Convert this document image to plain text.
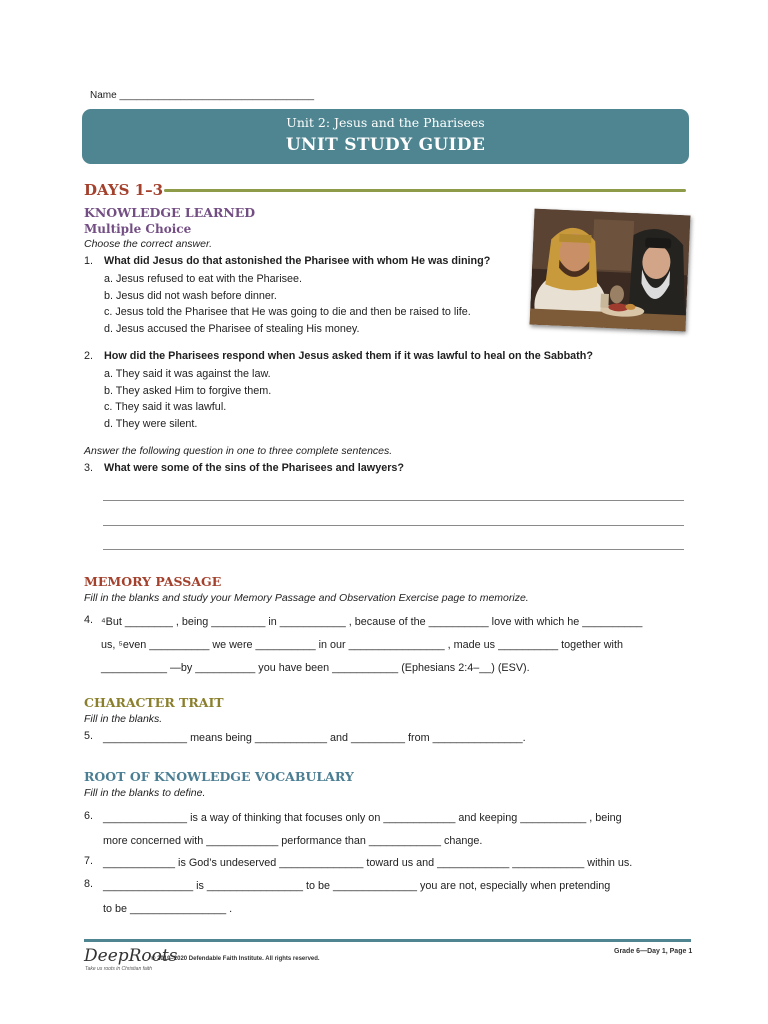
Name ___________________________________
Unit 2: Jesus and the Pharisees
UNIT STUDY GUIDE
DAYS 1–3
KNOWLEDGE LEARNED
Multiple Choice
Choose the correct answer.
1. What did Jesus do that astonished the Pharisee with whom He was dining?
a. Jesus refused to eat with the Pharisee.
b. Jesus did not wash before dinner.
c. Jesus told the Pharisee that He was going to die and then be raised to life.
d. Jesus accused the Pharisee of stealing His money.
2. How did the Pharisees respond when Jesus asked them if it was lawful to heal on the Sabbath?
a. They said it was against the law.
b. They asked Him to forgive them.
c. They said it was lawful.
d. They were silent.
Answer the following question in one to three complete sentences.
3. What were some of the sins of the Pharisees and lawyers?
MEMORY PASSAGE
Fill in the blanks and study your Memory Passage and Observation Exercise page to memorize.
4. ⁴But ________ , being _________ in ___________ , because of the __________ love with which he __________
us, ⁵even __________ we were __________ in our ________________ , made us __________ together with
___________ —by __________ you have been ___________ (Ephesians 2:4–__) (ESV).
CHARACTER TRAIT
Fill in the blanks.
5. ______________ means being ____________ and _________ from _______________.
ROOT OF KNOWLEDGE VOCABULARY
Fill in the blanks to define.
6. ______________ is a way of thinking that focuses only on ____________ and keeping ___________ , being
more concerned with ____________ performance than ____________ change.
7. ____________ is God’s undeserved ______________ toward us and ____________ ____________ within us.
8. _______________ is ________________ to be ______________ you are not, especially when pretending
to be ________________ .
DeepRoots
Take us roots in Christian faith
© 2019–2020 Defendable Faith Institute. All rights reserved.
Grade 6—Day 1, Page 1
